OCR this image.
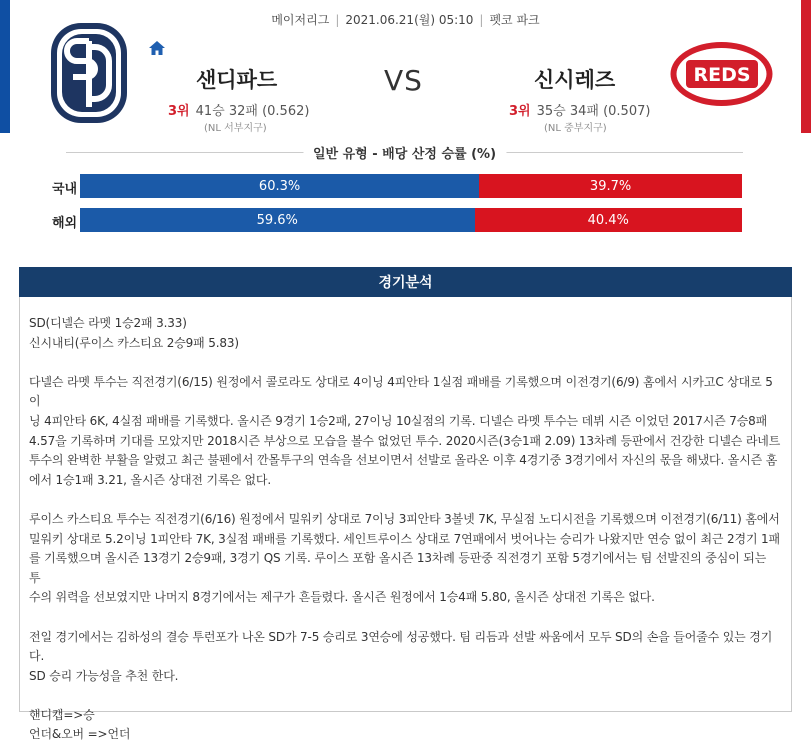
메이저리그 | 2021.06.21(월) 05:10 | 펫코 파크
샌디파드	VS	신시레즈
3위 41승 32패 (0.562)
(NL 서부지구)
3위 35승 34패 (0.507)
(NL 중부지구)
REDS
일반 유형 - 배당 산정 승률 (%)
국내	60.3%	39.7%
해외	59.6%	40.4%
경기분석

SD(디넬슨 라멧 1승2패 3.33)

신시내티(루이스 카스티요 2승9패 5.83)

다넬슨 라멧 투수는 직전경기(6/15) 원정에서 콜로라도 상대로 4이닝 4피안타 1실점 패배를 기록했으며 이전경기(6/9) 홈에서 시카고C 상대로 5이

닝 4피안타 6K, 4실점 패배를 기록했다. 올시즌 9경기 1승2패, 27이닝 10실점의 기록. 디넬슨 라멧 투수는 데뷔 시즌 이었던 2017시즌 7승8패

4.57을 기록하며 기대를 모았지만 2018시즌 부상으로 모습을 볼수 없었던 투수. 2020시즌(3승1패 2.09) 13차례 등판에서 건강한 디넬슨 라네트

투수의 완벽한 부활을 알렸고 최근 불펜에서 깐몰투구의 연속을 선보이면서 선발로 올라온 이후 4경기중 3경기에서 자신의 몫을 해냈다. 올시즌 홈

에서 1승1패 3.21, 올시즌 상대전 기록은 없다.

루이스 카스티요 투수는 직전경기(6/16) 원정에서 밀워키 상대로 7이닝 3피안타 3볼넷 7K, 무실점 노디시전을 기록했으며 이전경기(6/11) 홈에서

밀워키 상대로 5.2이닝 1피안타 7K, 3실점 패배를 기록했다. 세인트루이스 상대로 7연패에서 벗어나는 승리가 나왔지만 연승 없이 최근 2경기 1패

를 기록했으며 올시즌 13경기 2승9패, 3경기 QS 기록. 루이스 포함 올시즌 13차례 등판중 직전경기 포함 5경기에서는 팀 선발진의 중심이 되는 투

수의 위력을 선보였지만 나머지 8경기에서는 제구가 흔들렸다. 올시즌 원정에서 1승4패 5.80, 올시즌 상대전 기록은 없다.

전일 경기에서는 김하성의 결승 투런포가 나온 SD가 7-5 승리로 3연승에 성공했다. 팀 리듬과 선발 싸움에서 모두 SD의 손을 들어줄수 있는 경기다.

SD 승리 가능성을 추천 한다.

핸디캡=>승

언더&오버 =>언더
